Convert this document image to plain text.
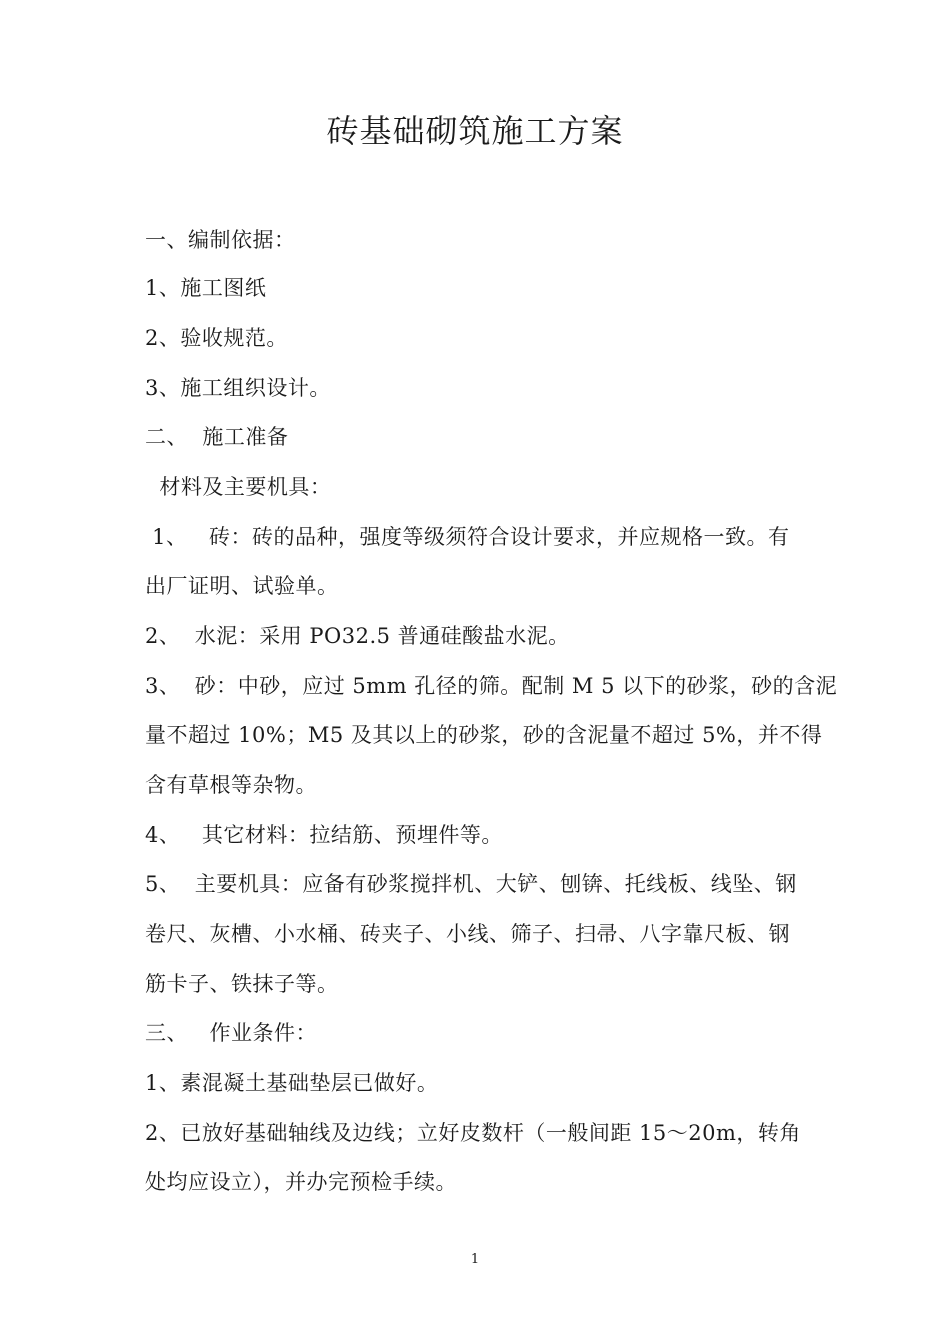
砖基础砌筑施工方案
一、编制依据：
1、施工图纸
2、验收规范。
3、施工组织设计。
二、  施工准备
材料及主要机具：
1、   砖：砖的品种，强度等级须符合设计要求，并应规格一致。有
出厂证明、试验单。
2、  水泥：采用 PO32.5 普通硅酸盐水泥。
3、  砂：中砂，应过 5mm 孔径的筛。配制 M 5 以下的砂浆，砂的含泥
量不超过 10%；M5 及其以上的砂浆，砂的含泥量不超过 5%，并不得
含有草根等杂物。
4、   其它材料：拉结筋、预埋件等。
5、  主要机具：应备有砂浆搅拌机、大铲、刨锛、托线板、线坠、钢
卷尺、灰槽、小水桶、砖夹子、小线、筛子、扫帚、八字靠尺板、钢
筋卡子、铁抹子等。
三、   作业条件：
1、素混凝土基础垫层已做好。
2、已放好基础轴线及边线；立好皮数杆（一般间距 15～20m，转角
处均应设立），并办完预检手续。
1
